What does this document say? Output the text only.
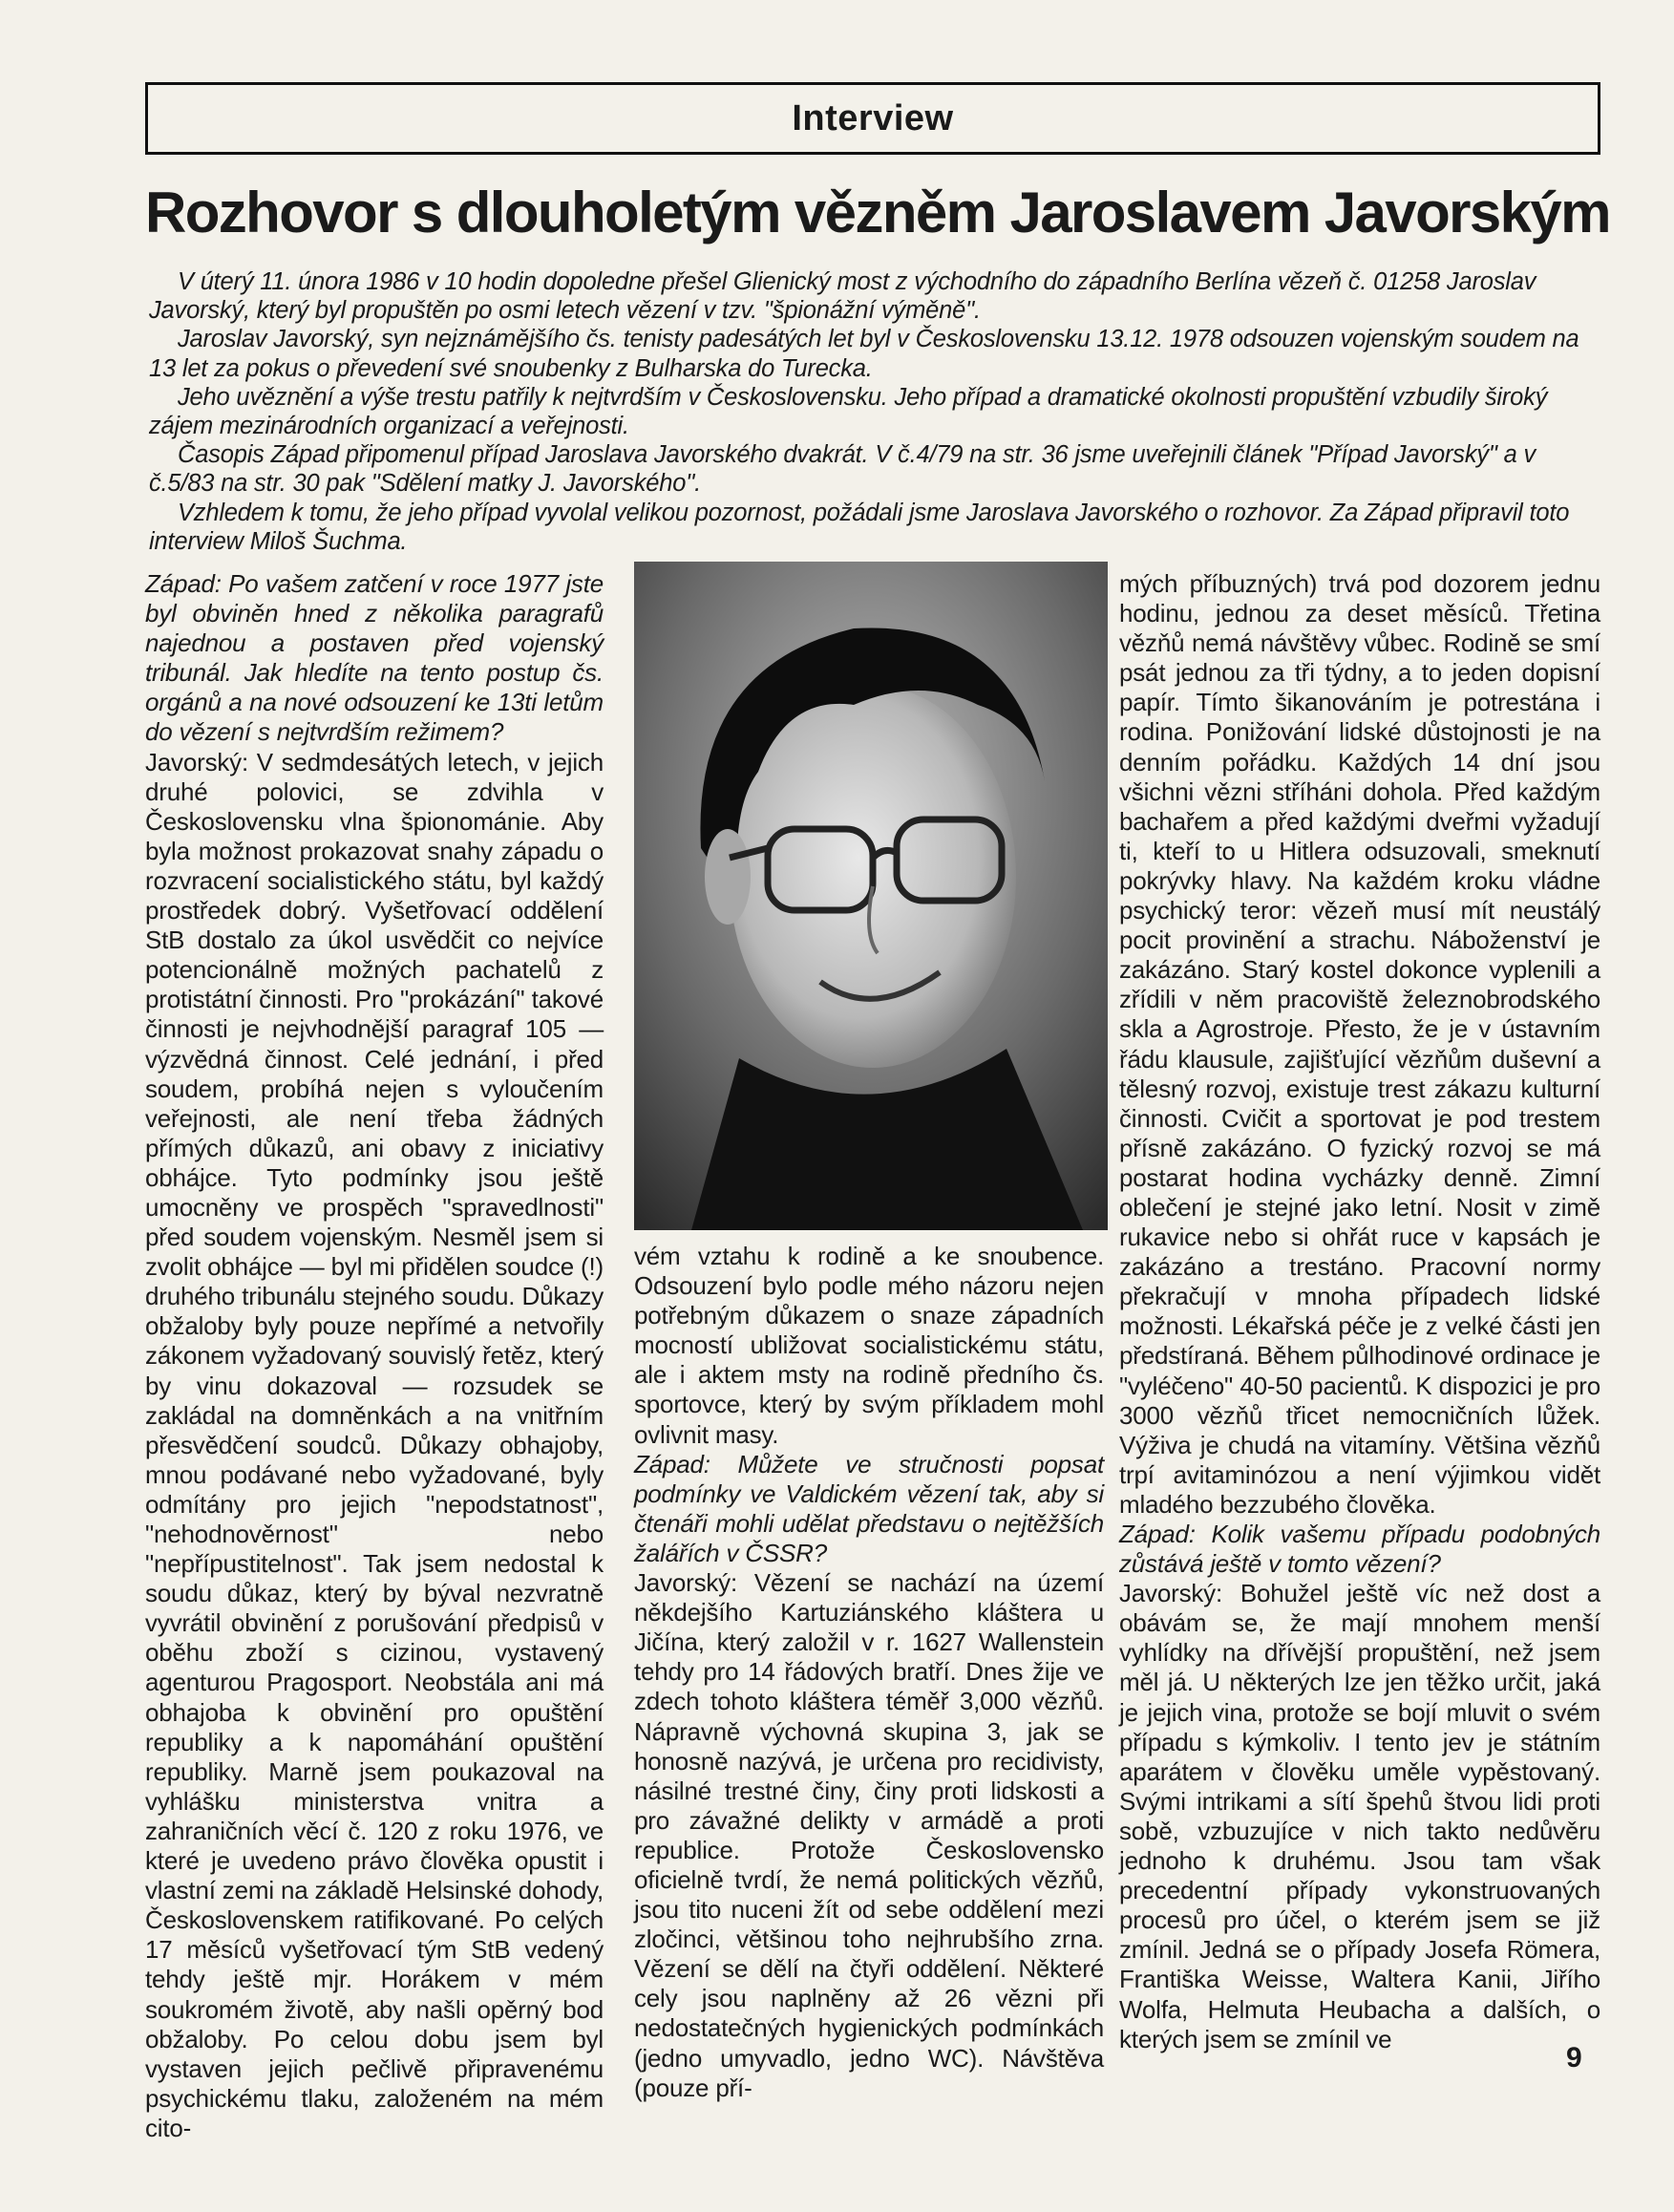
Interview
Rozhovor s dlouholetým vězněm Jaroslavem Javorským

V úterý 11. února 1986 v 10 hodin dopoledne přešel Glienický most z východního do západního Berlína vězeň č. 01258 Jaroslav Javorský, který byl propuštěn po osmi letech vězení v tzv. "špionážní výměně".

Jaroslav Javorský, syn nejznámějšího čs. tenisty padesátých let byl v Československu 13.12. 1978 odsouzen vojenským soudem na 13 let za pokus o převedení své snoubenky z Bulharska do Turecka.

Jeho uvěznění a výše trestu patřily k nejtvrdším v Československu. Jeho případ a dramatické okolnosti propuštění vzbudily široký zájem mezinárodních organizací a veřejnosti.

Časopis Západ připomenul případ Jaroslava Javorského dvakrát. V č.4/79 na str. 36 jsme uveřejnili článek "Případ Javorský" a v č.5/83 na str. 30 pak "Sdělení matky J. Javorského".

Vzhledem k tomu, že jeho případ vyvolal velikou pozornost, požádali jsme Jaroslava Javorského o rozhovor. Za Západ připravil toto interview Miloš Šuchma.

Západ: Po vašem zatčení v roce 1977 jste byl obviněn hned z několika paragrafů najednou a postaven před vojenský tribunál. Jak hledíte na tento postup čs. orgánů a na nové odsouzení ke 13ti letům do vězení s nejtvrdším režimem?

Javorský: V sedmdesátých letech, v jejich druhé polovici, se zdvihla v Československu vlna špionománie. Aby byla možnost prokazovat snahy západu o rozvracení socialistického státu, byl každý prostředek dobrý. Vyšetřovací oddělení StB dostalo za úkol usvědčit co nejvíce potencionálně možných pachatelů z protistátní činnosti. Pro "prokázání" takové činnosti je nejvhodnější paragraf 105 — výzvědná činnost. Celé jednání, i před soudem, probíhá nejen s vyloučením veřejnosti, ale není třeba žádných přímých důkazů, ani obavy z iniciativy obhájce. Tyto podmínky jsou ještě umocněny ve prospěch "spravedlnosti" před soudem vojenským. Nesměl jsem si zvolit obhájce — byl mi přidělen soudce (!) druhého tribunálu stejného soudu. Důkazy obžaloby byly pouze nepřímé a netvořily zákonem vyžadovaný souvislý řetěz, který by vinu dokazoval — rozsudek se zakládal na domněnkách a na vnitřním přesvědčení soudců. Důkazy obhajoby, mnou podávané nebo vyžadované, byly odmítány pro jejich "nepodstatnost", "nehodnověrnost" nebo "nepřípustitelnost". Tak jsem nedostal k soudu důkaz, který by býval nezvratně vyvrátil obvinění z porušování předpisů v oběhu zboží s cizinou, vystavený agenturou Pragosport. Neobstála ani má obhajoba k obvinění pro opuštění republiky a k napomáhání opuštění republiky. Marně jsem poukazoval na vyhlášku ministerstva vnitra a zahraničních věcí č. 120 z roku 1976, ve které je uvedeno právo člověka opustit i vlastní zemi na základě Helsinské dohody, Československem ratifikované. Po celých 17 měsíců vyšetřovací tým StB vedený tehdy ještě mjr. Horákem v mém soukromém životě, aby našli opěrný bod obžaloby. Po celou dobu jsem byl vystaven jejich pečlivě připravenému psychickému tlaku, založeném na mém cito-

vém vztahu k rodině a ke snoubence. Odsouzení bylo podle mého názoru nejen potřebným důkazem o snaze západních mocností ubližovat socialistickému státu, ale i aktem msty na rodině předního čs. sportovce, který by svým příkladem mohl ovlivnit masy.

Západ: Můžete ve stručnosti popsat podmínky ve Valdickém vězení tak, aby si čtenáři mohli udělat představu o nejtěžších žalářích v ČSSR?

Javorský: Vězení se nachází na území někdejšího Kartuziánského kláštera u Jičína, který založil v r. 1627 Wallenstein tehdy pro 14 řádových bratří. Dnes žije ve zdech tohoto kláštera téměř 3,000 vězňů. Nápravně výchovná skupina 3, jak se honosně nazývá, je určena pro recidivisty, násilné trestné činy, činy proti lidskosti a pro závažné delikty v armádě a proti republice. Protože Československo oficielně tvrdí, že nemá politických vězňů, jsou tito nuceni žít od sebe oddělení mezi zločinci, většinou toho nejhrubšího zrna. Vězení se dělí na čtyři oddělení. Některé cely jsou naplněny až 26 vězni při nedostatečných hygienických podmínkách (jedno umyvadlo, jedno WC). Návštěva (pouze pří-

mých příbuzných) trvá pod dozorem jednu hodinu, jednou za deset měsíců. Třetina vězňů nemá návštěvy vůbec. Rodině se smí psát jednou za tři týdny, a to jeden dopisní papír. Tímto šikanováním je potrestána i rodina. Ponižování lidské důstojnosti je na denním pořádku. Každých 14 dní jsou všichni vězni stříháni dohola. Před každým bachařem a před každými dveřmi vyžadují ti, kteří to u Hitlera odsuzovali, smeknutí pokrývky hlavy. Na každém kroku vládne psychický teror: vězeň musí mít neustálý pocit provinění a strachu. Náboženství je zakázáno. Starý kostel dokonce vyplenili a zřídili v něm pracoviště železnobrodského skla a Agrostroje. Přesto, že je v ústavním řádu klausule, zajišťující vězňům duševní a tělesný rozvoj, existuje trest zákazu kulturní činnosti. Cvičit a sportovat je pod trestem přísně zakázáno. O fyzický rozvoj se má postarat hodina vycházky denně. Zimní oblečení je stejné jako letní. Nosit v zimě rukavice nebo si ohřát ruce v kapsách je zakázáno a trestáno. Pracovní normy překračují v mnoha případech lidské možnosti. Lékařská péče je z velké části jen předstíraná. Během půlhodinové ordinace je "vyléčeno" 40-50 pacientů. K dispozici je pro 3000 vězňů třicet nemocničních lůžek. Výživa je chudá na vitamíny. Většina vězňů trpí avitaminózou a není výjimkou vidět mladého bezzubého člověka.

Západ: Kolik vašemu případu podobných zůstává ještě v tomto vězení?

Javorský: Bohužel ještě víc než dost a obávám se, že mají mnohem menší vyhlídky na dřívější propuštění, než jsem měl já. U některých lze jen těžko určit, jaká je jejich vina, protože se bojí mluvit o svém případu s kýmkoliv. I tento jev je státním aparátem v člověku uměle vypěstovaný. Svými intrikami a sítí špehů štvou lidi proti sobě, vzbuzujíce v nich takto nedůvěru jednoho k druhému. Jsou tam však precedentní případy vykonstruovaných procesů pro účel, o kterém jsem se již zmínil. Jedná se o případy Josefa Römera, Františka Weisse, Waltera Kanii, Jiřího Wolfa, Helmuta Heubacha a dalších, o kterých jsem se zmínil ve

9
